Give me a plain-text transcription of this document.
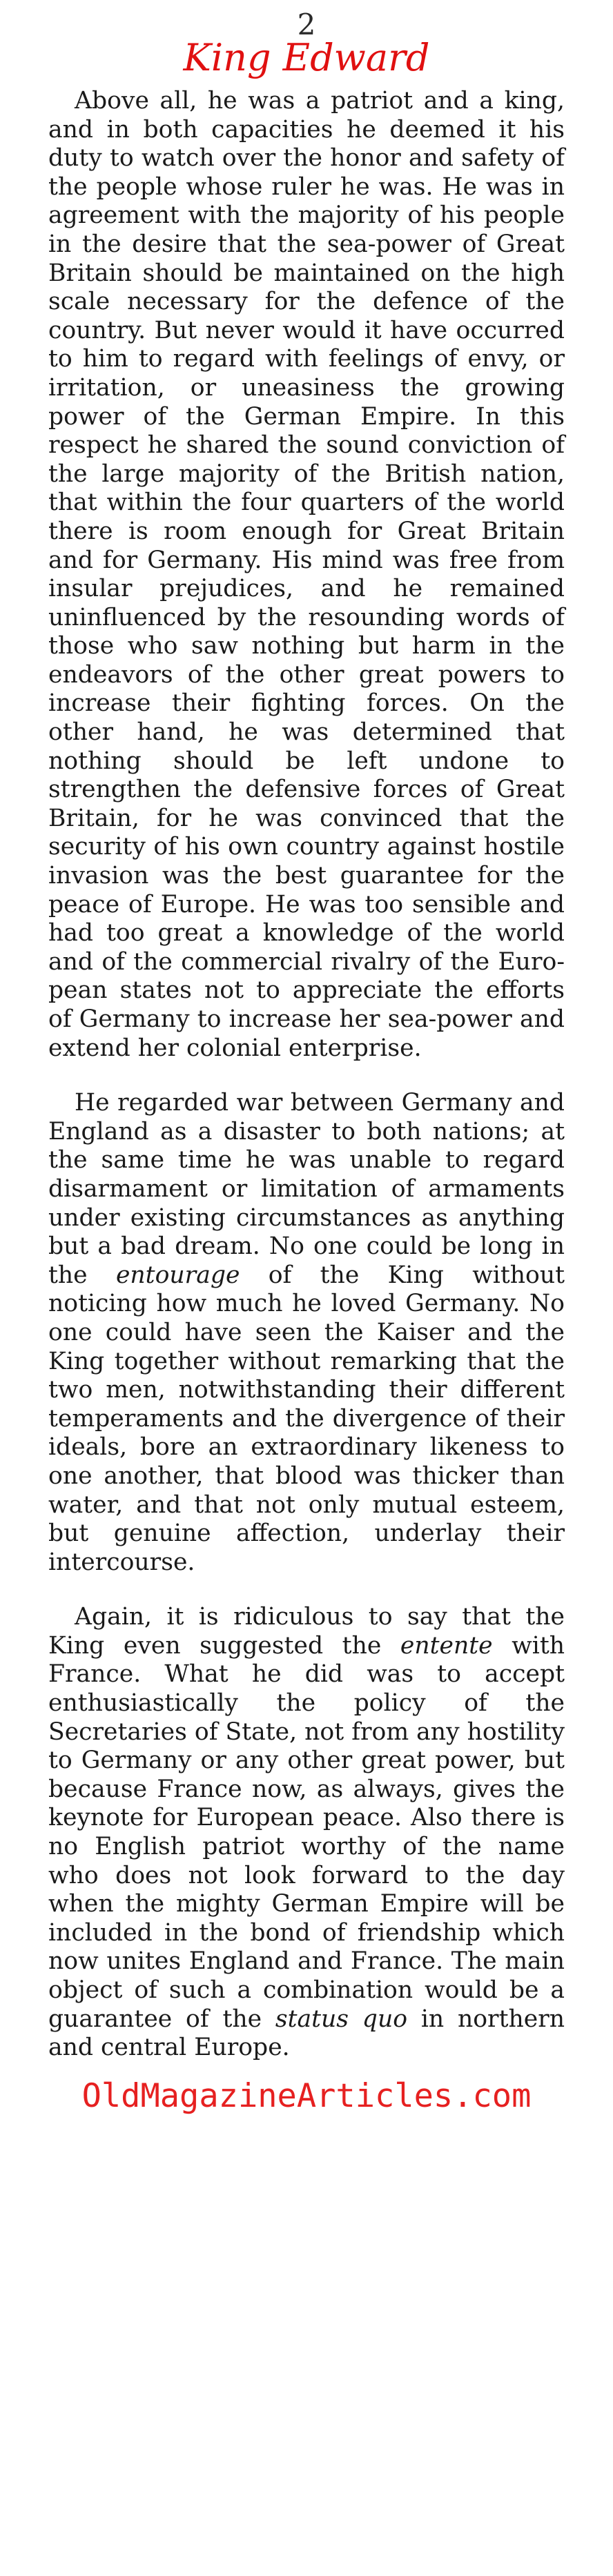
2
King Edward

Above all, he was a patriot and a king, and in both capacities he deemed it his duty to watch over the honor and safety of the people whose ruler he was. He was in agreement with the majority of his people in the desire that the sea-power of Great Britain should be maintained on the high scale necessary for the defence of the country. But never would it have occurred to him to regard with feelings of envy, or irritation, or uneasiness the growing power of the German Empire. In this respect he shared the sound conviction of the large majority of the British nation, that within the four quarters of the world there is room enough for Great Britain and for Germany. His mind was free from insular prejudices, and he remained uninfluenced by the resounding words of those who saw nothing but harm in the endeavors of the other great powers to increase their fighting forces. On the other hand, he was determined that nothing should be left undone to strengthen the defensive forces of Great Britain, for he was convinced that the security of his own country against hostile invasion was the best guarantee for the peace of Europe. He was too sensible and had too great a knowledge of the world and of the commercial rivalry of the European states not to appreciate the efforts of Germany to increase her sea-power and extend her colonial enterprise.

He regarded war between Germany and England as a disaster to both nations; at the same time he was unable to regard disarmament or limitation of armaments under existing circumstances as anything but a bad dream. No one could be long in the entourage of the King without noticing how much he loved Germany. No one could have seen the Kaiser and the King together without remarking that the two men, notwithstanding their different temperaments and the divergence of their ideals, bore an extraordinary likeness to one another, that blood was thicker than water, and that not only mutual esteem, but genuine affection, underlay their intercourse.

Again, it is ridiculous to say that the King even suggested the entente with France. What he did was to accept enthusiastically the policy of the Secretaries of State, not from any hostility to Germany or any other great power, but because France now, as always, gives the keynote for European peace. Also there is no English patriot worthy of the name who does not look forward to the day when the mighty German Empire will be included in the bond of friendship which now unites England and France. The main object of such a combination would be a guarantee of the status quo in northern and central Europe.

OldMagazineArticles.com
